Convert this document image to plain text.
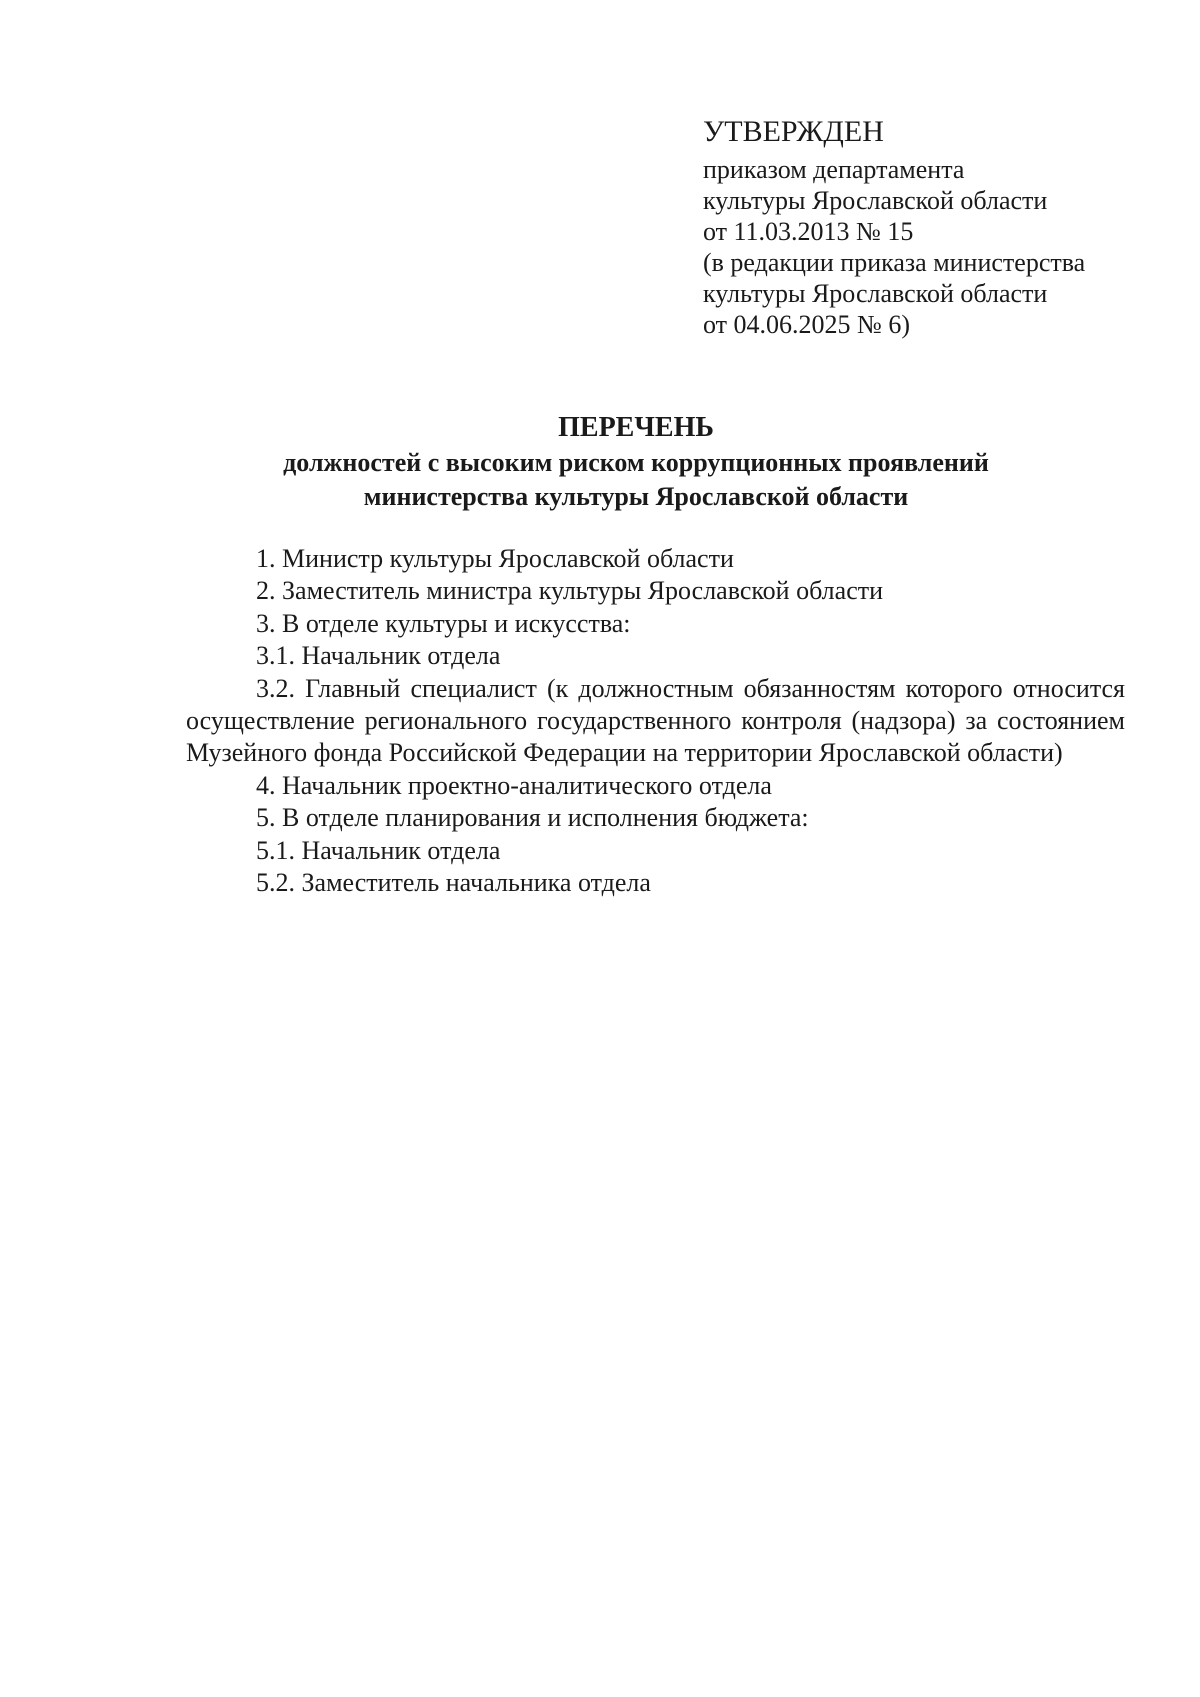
УТВЕРЖДЕН
приказом департамента
культуры Ярославской области
от 11.03.2013 № 15
(в редакции приказа министерства
культуры Ярославской области
от 04.06.2025 № 6)
ПЕРЕЧЕНЬ
должностей с высоким риском коррупционных проявлений
министерства культуры Ярославской области
1. Министр культуры Ярославской области
2. Заместитель министра культуры Ярославской области
3. В отделе культуры и искусства:
3.1. Начальник отдела
3.2. Главный специалист (к должностным обязанностям которого относится осуществление регионального государственного контроля (надзора) за состоянием Музейного фонда Российской Федерации на территории Ярославской области)
4. Начальник проектно-аналитического отдела
5. В отделе планирования и исполнения бюджета:
5.1. Начальник отдела
5.2. Заместитель начальника отдела
